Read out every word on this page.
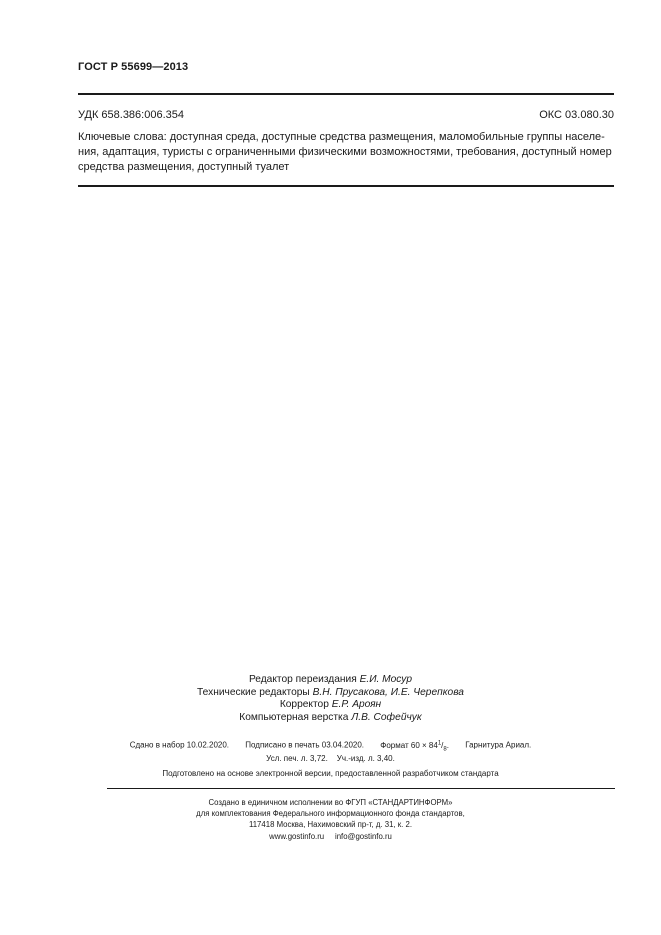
ГОСТ Р 55699—2013
УДК 658.386:006.354	ОКС 03.080.30
Ключевые слова: доступная среда, доступные средства размещения, маломобильные группы населе-
ния, адаптация, туристы с ограниченными физическими возможностями, требования, доступный номер
средства размещения, доступный туалет
Редактор переиздания Е.И. Мосур
Технические редакторы В.Н. Прусакова, И.Е. Черепкова
Корректор Е.Р. Ароян
Компьютерная верстка Л.В. Софейчук
Сдано в набор 10.02.2020. Подписано в печать 03.04.2020. Формат $60 \times 84^1/_8$. Гарнитура Ариал.
Усл. печ. л. 3,72. Уч.-изд. л. 3,40.
Подготовлено на основе электронной версии, предоставленной разработчиком стандарта
Создано в единичном исполнении во ФГУП «СТАНДАРТИНФОРМ»
для комплектования Федерального информационного фонда стандартов,
117418 Москва, Нахимовский пр-т, д. 31, к. 2.
www.gostinfo.ru info@gostinfo.ru
